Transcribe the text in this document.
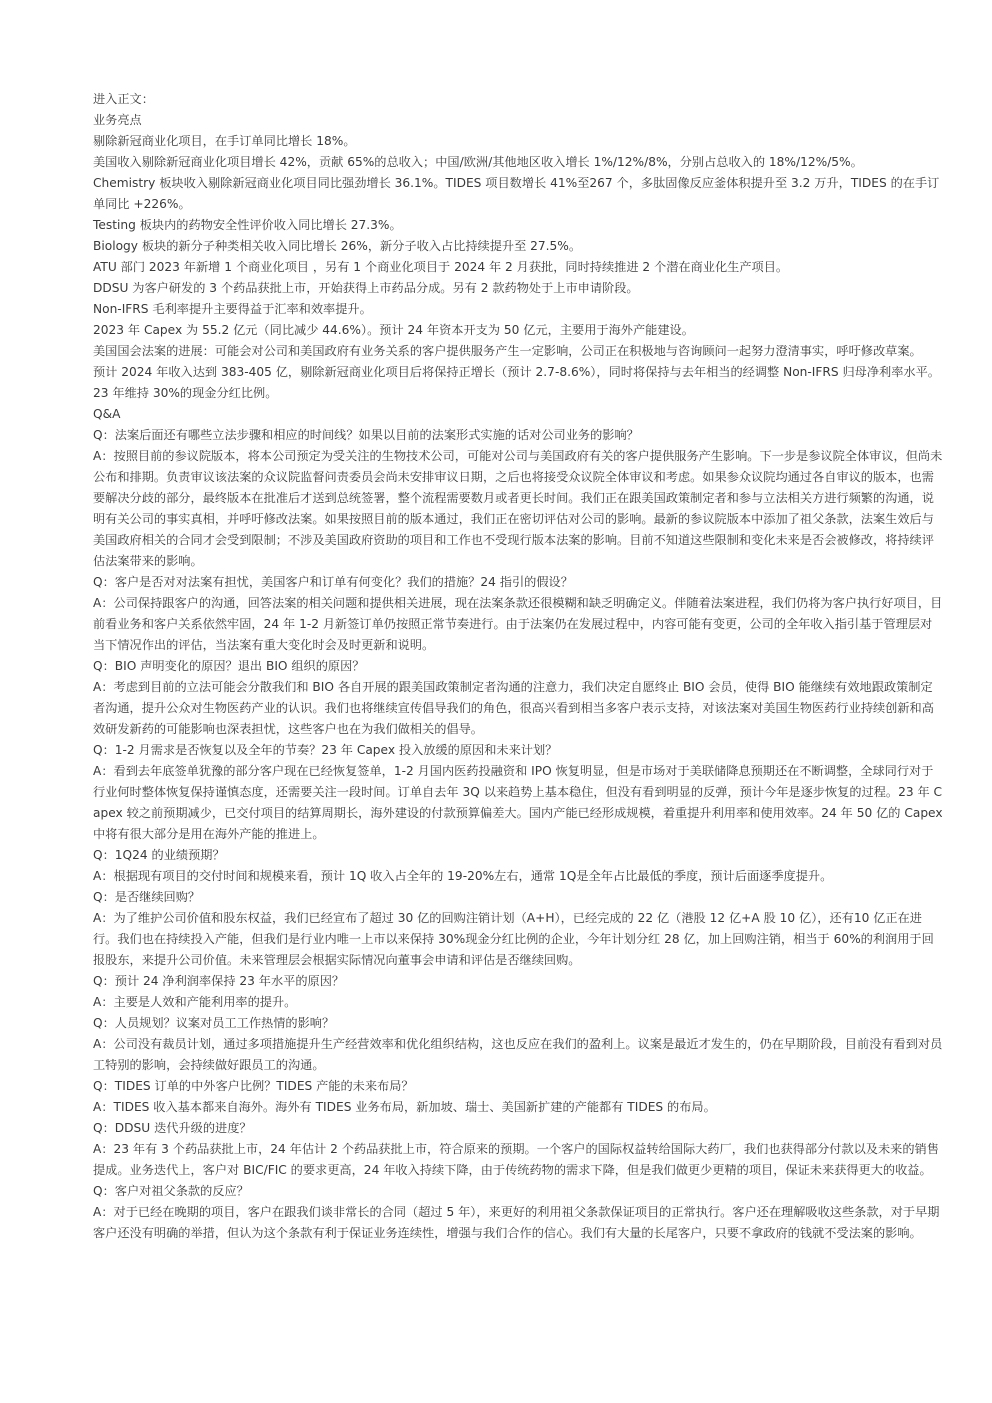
进入正文：

业务亮点

剔除新冠商业化项目，在手订单同比增长 18%。

美国收入剔除新冠商业化项目增长 42%，贡献 65%的总收入；中国/欧洲/其他地区收入增长 1%/12%/8%，分别占总收入的 18%/12%/5%。

Chemistry 板块收入剔除新冠商业化项目同比强劲增长 36.1%。TIDES 项目数增长 41%至267 个，多肽固像反应釜体积提升至 3.2 万升，TIDES 的在手订单同比 +226%。

Testing 板块内的药物安全性评价收入同比增长 27.3%。

Biology 板块的新分子种类相关收入同比增长 26%，新分子收入占比持续提升至 27.5%。

ATU 部门 2023 年新增 1 个商业化项目 ，另有 1 个商业化项目于 2024 年 2 月获批，同时持续推进 2 个潜在商业化生产项目。

DDSU 为客户研发的 3 个药品获批上市，开始获得上市药品分成。另有 2 款药物处于上市申请阶段。

Non-IFRS 毛利率提升主要得益于汇率和效率提升。

2023 年 Capex 为 55.2 亿元（同比减少 44.6%）。预计 24 年资本开支为 50 亿元，主要用于海外产能建设。

美国国会法案的进展：可能会对公司和美国政府有业务关系的客户提供服务产生一定影响，公司正在积极地与咨询顾问一起努力澄清事实，呼吁修改草案。

预计 2024 年收入达到 383-405 亿，剔除新冠商业化项目后将保持正增长（预计 2.7-8.6%），同时将保持与去年相当的经调整 Non-IFRS 归母净利率水平。

23 年维持 30%的现金分红比例。

Q&A

Q：法案后面还有哪些立法步骤和相应的时间线？如果以目前的法案形式实施的话对公司业务的影响？

A：按照目前的参议院版本，将本公司预定为受关注的生物技术公司，可能对公司与美国政府有关的客户提供服务产生影响。下一步是参议院全体审议，但尚未公布和排期。负责审议该法案的众议院监督问责委员会尚未安排审议日期，之后也将接受众议院全体审议和考虑。如果参众议院均通过各自审议的版本，也需要解决分歧的部分，最终版本在批准后才送到总统签署，整个流程需要数月或者更长时间。我们正在跟美国政策制定者和参与立法相关方进行频繁的沟通，说明有关公司的事实真相，并呼吁修改法案。如果按照目前的版本通过，我们正在密切评估对公司的影响。最新的参议院版本中添加了祖父条款，法案生效后与美国政府相关的合同才会受到限制；不涉及美国政府资助的项目和工作也不受现行版本法案的影响。目前不知道这些限制和变化未来是否会被修改，将持续评估法案带来的影响。

Q：客户是否对对法案有担忧，美国客户和订单有何变化？我们的措施？24 指引的假设？

A：公司保持跟客户的沟通，回答法案的相关问题和提供相关进展，现在法案条款还很模糊和缺乏明确定义。伴随着法案进程，我们仍将为客户执行好项目，目前看业务和客户关系依然牢固，24 年 1-2 月新签订单仍按照正常节奏进行。由于法案仍在发展过程中，内容可能有变更，公司的全年收入指引基于管理层对当下情况作出的评估，当法案有重大变化时会及时更新和说明。

Q：BIO 声明变化的原因？退出 BIO 组织的原因？

A：考虑到目前的立法可能会分散我们和 BIO 各自开展的跟美国政策制定者沟通的注意力，我们决定自愿终止 BIO 会员，使得 BIO 能继续有效地跟政策制定者沟通，提升公众对生物医药产业的认识。我们也将继续宣传倡导我们的角色，很高兴看到相当多客户表示支持，对该法案对美国生物医药行业持续创新和高效研发新药的可能影响也深表担忧，这些客户也在为我们做相关的倡导。

Q：1-2 月需求是否恢复以及全年的节奏？23 年 Capex 投入放缓的原因和未来计划？

A：看到去年底签单犹豫的部分客户现在已经恢复签单，1-2 月国内医药投融资和 IPO 恢复明显，但是市场对于美联储降息预期还在不断调整，全球同行对于行业何时整体恢复保持谨慎态度，还需要关注一段时间。订单自去年 3Q 以来趋势上基本稳住，但没有看到明显的反弹，预计今年是逐步恢复的过程。23 年 Capex 较之前预期减少，已交付项目的结算周期长，海外建设的付款预算偏差大。国内产能已经形成规模，着重提升利用率和使用效率。24 年 50 亿的 Capex 中将有很大部分是用在海外产能的推进上。

Q：1Q24 的业绩预期？

A：根据现有项目的交付时间和规模来看，预计 1Q 收入占全年的 19-20%左右，通常 1Q是全年占比最低的季度，预计后面逐季度提升。

Q：是否继续回购？

A：为了维护公司价值和股东权益，我们已经宣布了超过 30 亿的回购注销计划（A+H），已经完成的 22 亿（港股 12 亿+A 股 10 亿），还有10 亿正在进行。我们也在持续投入产能，但我们是行业内唯一上市以来保持 30%现金分红比例的企业，今年计划分红 28 亿，加上回购注销，相当于 60%的利润用于回报股东，来提升公司价值。未来管理层会根据实际情况向董事会申请和评估是否继续回购。

Q：预计 24 净利润率保持 23 年水平的原因？

A：主要是人效和产能利用率的提升。

Q：人员规划？议案对员工工作热情的影响？

A：公司没有裁员计划，通过多项措施提升生产经营效率和优化组织结构，这也反应在我们的盈利上。议案是最近才发生的，仍在早期阶段，目前没有看到对员工特别的影响，会持续做好跟员工的沟通。

Q：TIDES 订单的中外客户比例？TIDES 产能的未来布局？

A：TIDES 收入基本都来自海外。海外有 TIDES 业务布局，新加坡、瑞士、美国新扩建的产能都有 TIDES 的布局。

Q：DDSU 迭代升级的进度？

A：23 年有 3 个药品获批上市，24 年估计 2 个药品获批上市，符合原来的预期。一个客户的国际权益转给国际大药厂，我们也获得部分付款以及未来的销售提成。业务迭代上，客户对 BIC/FIC 的要求更高，24 年收入持续下降，由于传统药物的需求下降，但是我们做更少更精的项目，保证未来获得更大的收益。

Q：客户对祖父条款的反应？

A：对于已经在晚期的项目，客户在跟我们谈非常长的合同（超过 5 年），来更好的利用祖父条款保证项目的正常执行。客户还在理解吸收这些条款，对于早期客户还没有明确的举措，但认为这个条款有利于保证业务连续性，增强与我们合作的信心。我们有大量的长尾客户，只要不拿政府的钱就不受法案的影响。
